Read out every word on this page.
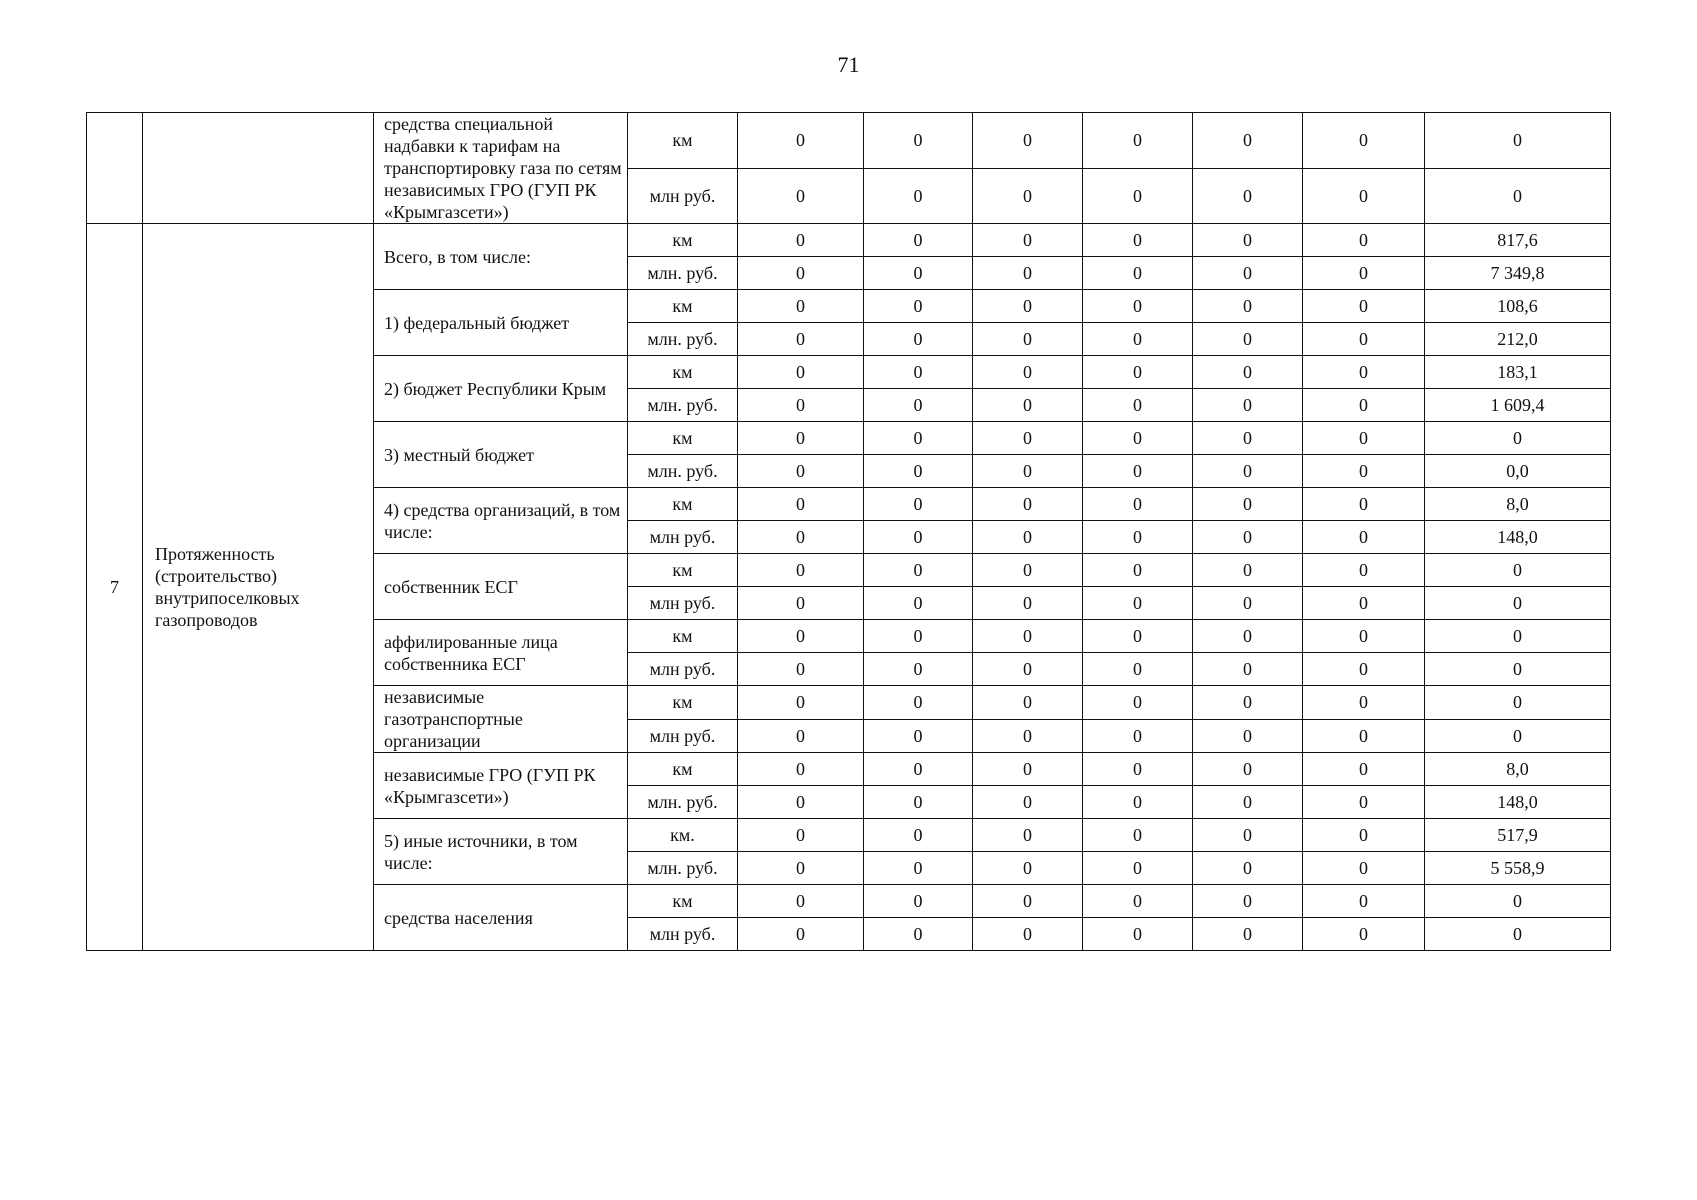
71
		средства специальной надбавки к тарифам на транспортировку газа по сетям независимых ГРО (ГУП РК «Крымгазсети»)	км	0	0	0	0	0	0	0
			млн руб.	0	0	0	0	0	0	0
7	Протяженность (строительство) внутрипоселковых газопроводов	Всего, в том числе:	км	0	0	0	0	0	0	817,6
			млн. руб.	0	0	0	0	0	0	7 349,8
		1) федеральный бюджет	км	0	0	0	0	0	0	108,6
			млн. руб.	0	0	0	0	0	0	212,0
		2) бюджет Республики Крым	км	0	0	0	0	0	0	183,1
			млн. руб.	0	0	0	0	0	0	1 609,4
		3) местный бюджет	км	0	0	0	0	0	0	0
			млн. руб.	0	0	0	0	0	0	0,0
		4) средства организаций, в том числе:	км	0	0	0	0	0	0	8,0
			млн руб.	0	0	0	0	0	0	148,0
		собственник ЕСГ	км	0	0	0	0	0	0	0
			млн руб.	0	0	0	0	0	0	0
		аффилированные лица собственника ЕСГ	км	0	0	0	0	0	0	0
			млн руб.	0	0	0	0	0	0	0
		независимые газотранспортные организации	км	0	0	0	0	0	0	0
			млн руб.	0	0	0	0	0	0	0
		независимые ГРО (ГУП РК «Крымгазсети»)	км	0	0	0	0	0	0	8,0
			млн. руб.	0	0	0	0	0	0	148,0
		5) иные источники, в том числе:	км.	0	0	0	0	0	0	517,9
			млн. руб.	0	0	0	0	0	0	5 558,9
		средства населения	км	0	0	0	0	0	0	0
			млн руб.	0	0	0	0	0	0	0
